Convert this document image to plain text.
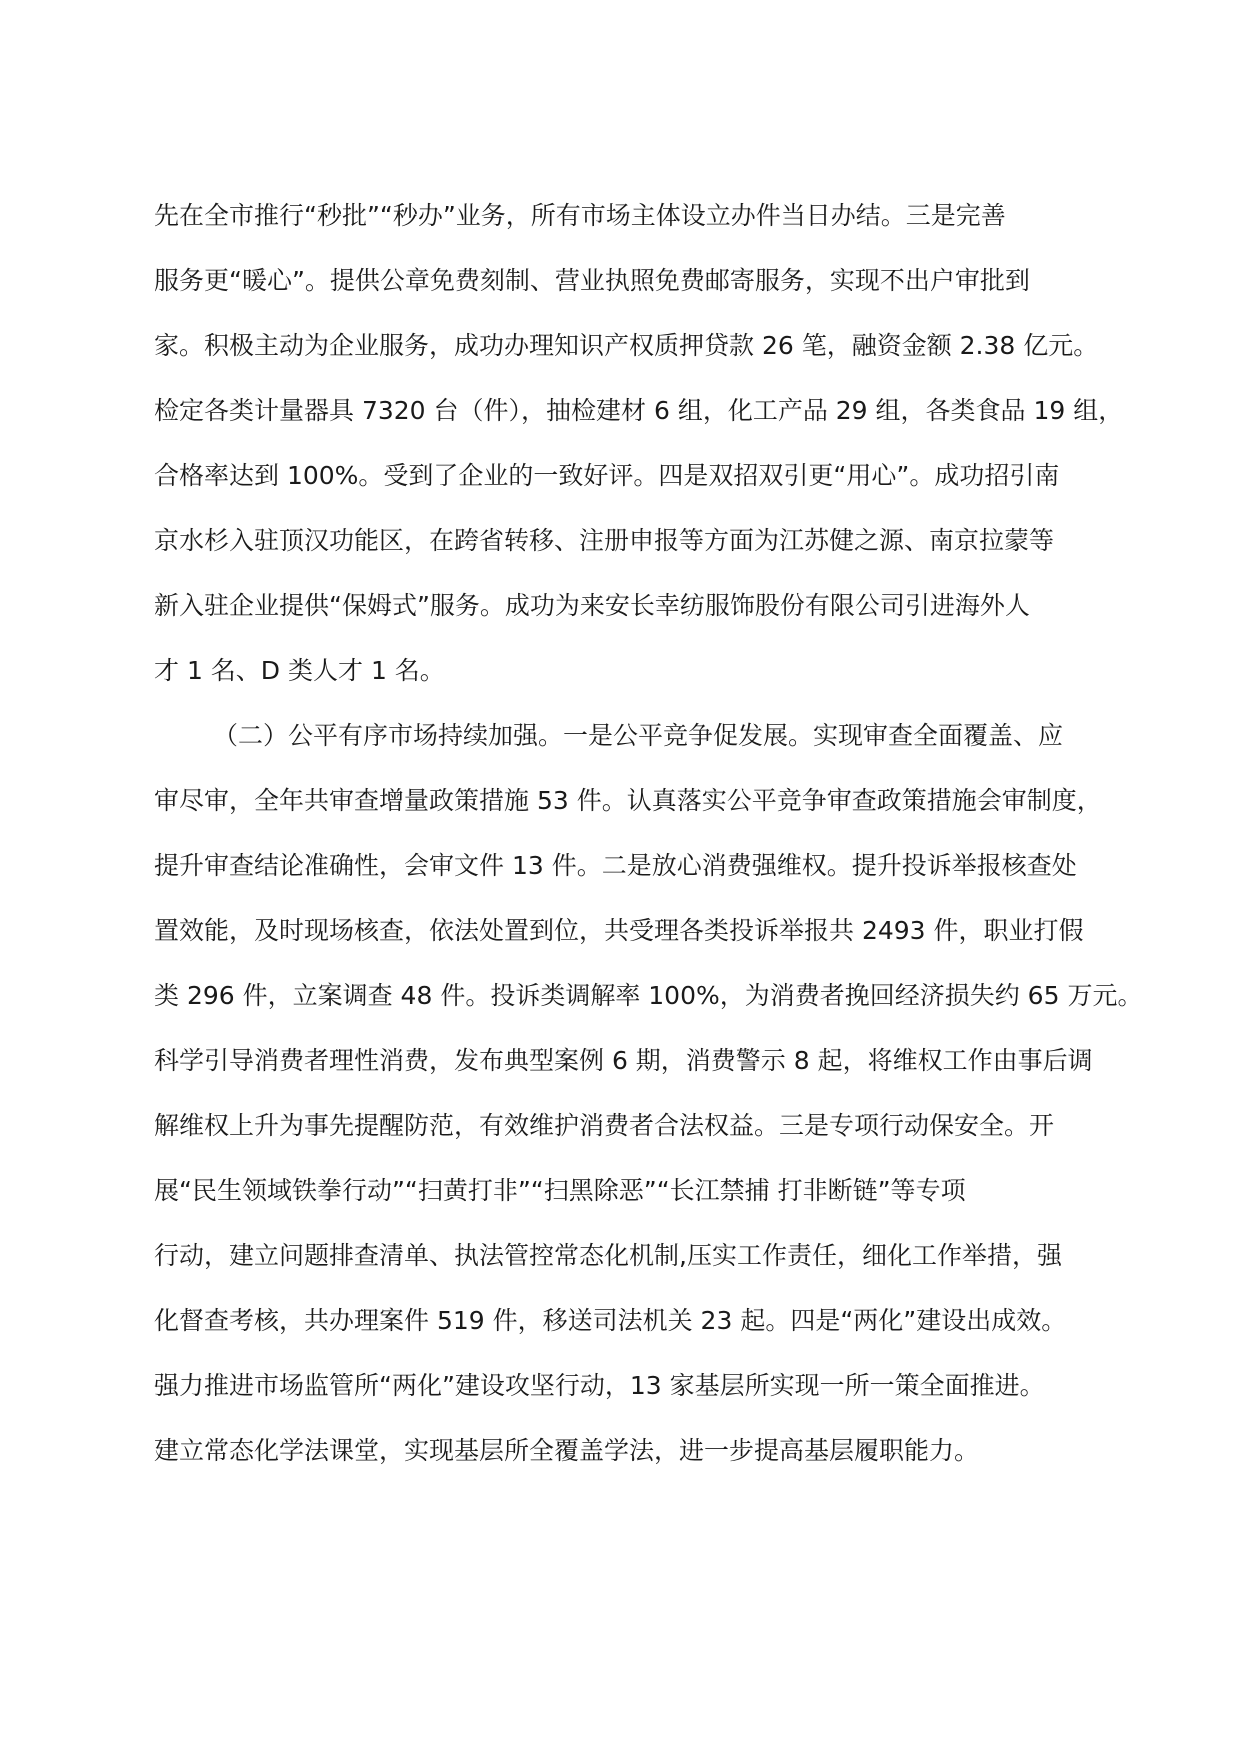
先在全市推行“秒批”“秒办”业务，所有市场主体设立办件当日办结。三是完善
服务更“暖心”。提供公章免费刻制、营业执照免费邮寄服务，实现不出户审批到
家。积极主动为企业服务，成功办理知识产权质押贷款 26 笔，融资金额 2.38 亿元。
检定各类计量器具 7320 台（件），抽检建材 6 组，化工产品 29 组，各类食品 19 组，
合格率达到 100%。受到了企业的一致好评。四是双招双引更“用心”。成功招引南
京水杉入驻顶汉功能区，在跨省转移、注册申报等方面为江苏健之源、南京拉蒙等
新入驻企业提供“保姆式”服务。成功为来安长幸纺服饰股份有限公司引进海外人
才 1 名、D 类人才 1 名。
（二）公平有序市场持续加强。一是公平竞争促发展。实现审查全面覆盖、应
审尽审，全年共审查增量政策措施 53 件。认真落实公平竞争审查政策措施会审制度，
提升审查结论准确性，会审文件 13 件。二是放心消费强维权。提升投诉举报核查处
置效能，及时现场核查，依法处置到位，共受理各类投诉举报共 2493 件，职业打假
类 296 件，立案调查 48 件。投诉类调解率 100%，为消费者挽回经济损失约 65 万元。
科学引导消费者理性消费，发布典型案例 6 期，消费警示 8 起，将维权工作由事后调
解维权上升为事先提醒防范，有效维护消费者合法权益。三是专项行动保安全。开
展“民生领域铁拳行动”“扫黄打非”“扫黑除恶”“长江禁捕 打非断链”等专项
行动，建立问题排查清单、执法管控常态化机制,压实工作责任，细化工作举措，强
化督查考核，共办理案件 519 件，移送司法机关 23 起。四是“两化”建设出成效。
强力推进市场监管所“两化”建设攻坚行动，13 家基层所实现一所一策全面推进。
建立常态化学法课堂，实现基层所全覆盖学法，进一步提高基层履职能力。
